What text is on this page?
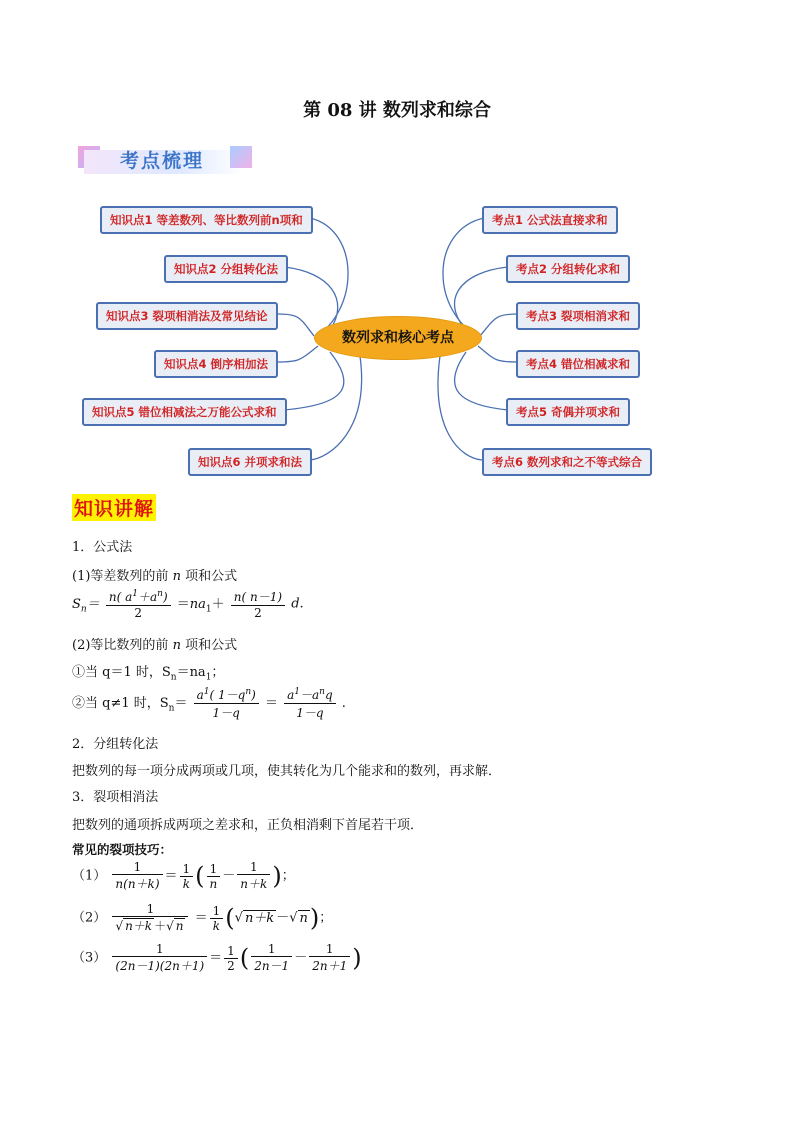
第 08 讲 数列求和综合
考点梳理
知识点1 等差数列、等比数列前n项和
知识点2 分组转化法
知识点3 裂项相消法及常见结论
知识点4 倒序相加法
知识点5 错位相减法之万能公式求和
知识点6 并项求和法
数列求和核心考点
考点1 公式法直接求和
考点2 分组转化求和
考点3 裂项相消求和
考点4 错位相减求和
考点5 奇偶并项求和
考点6 数列求和之不等式综合
知识讲解
1．公式法
(1)等差数列的前 n 项和公式
$S_n= \frac{n( a^1+a^n)}{2} =na_1+ \frac{n( n-1)}{2} d$.
(2)等比数列的前 n 项和公式
①当 q＝1 时，$S_n=na_1$；
②当 q≠1 时，$S_n= \frac{a^1( 1-q^n)}{1-q} = \frac{a^1-a^nq}{1-q}$ .
2．分组转化法
把数列的每一项分成两项或几项，使其转化为几个能求和的数列，再求解．
3．裂项相消法
把数列的通项拆成两项之差求和，正负相消剩下首尾若干项．
常见的裂项技巧：
$(1) \frac{1}{n(n+k)} = \frac{1}{k}$ ( $\frac{1}{n} - \frac{1}{n+k}$ )；
$(2) \frac{1}{√ n+k +√ n} = \frac{1}{k}$ (√ n＋k －√ n)；
$(3) \frac{1}{(2n-1)(2n+1)} = \frac{1}{2}$ ( $\frac{1}{2n-1} - \frac{1}{2n+1}$ )
